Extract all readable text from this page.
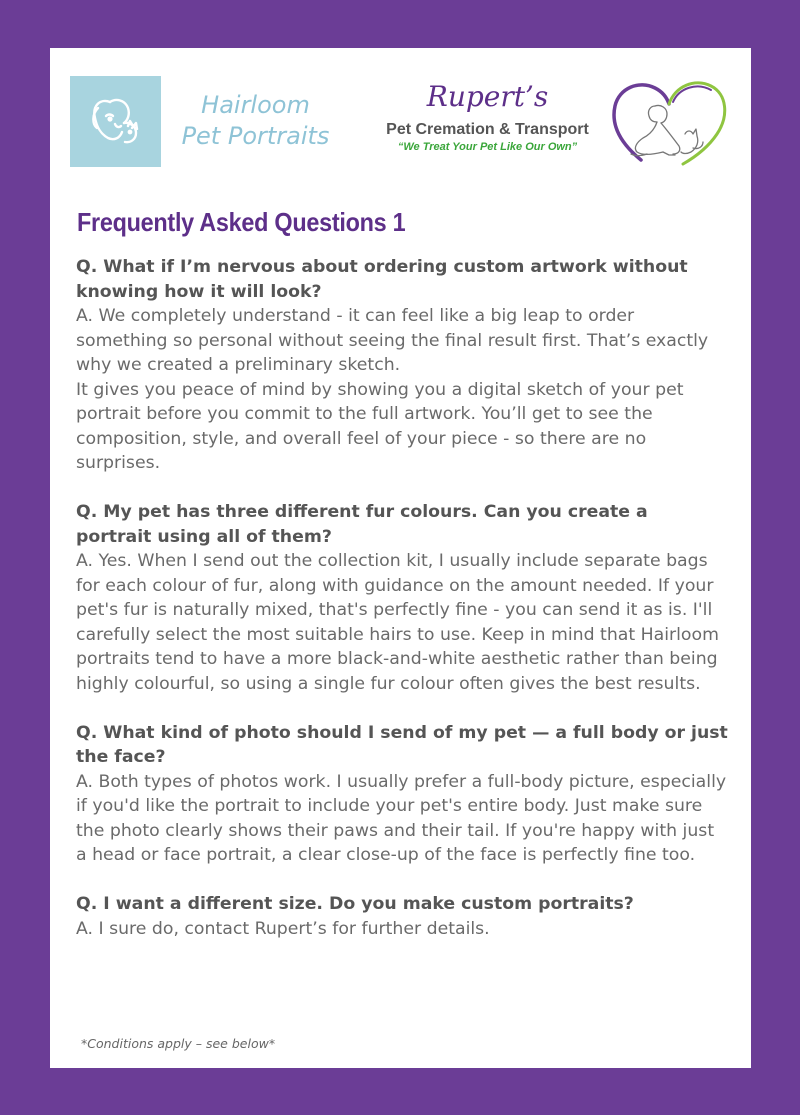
Hairloom
Pet Portraits
Rupert’s
Pet Cremation & Transport
“We Treat Your Pet Like Our Own”
Frequently Asked Questions 1
Q. What if I’m nervous about ordering custom artwork without knowing how it will look?
A. We completely understand - it can feel like a big leap to order something so personal without seeing the final result first. That’s exactly why we created a preliminary sketch.
It gives you peace of mind by showing you a digital sketch of your pet portrait before you commit to the full artwork. You’ll get to see the composition, style, and overall feel of your piece - so there are no surprises.
Q. My pet has three different fur colours. Can you create a portrait using all of them?
A. Yes. When I send out the collection kit, I usually include separate bags for each colour of fur, along with guidance on the amount needed. If your pet's fur is naturally mixed, that's perfectly fine - you can send it as is. I'll carefully select the most suitable hairs to use. Keep in mind that Hairloom portraits tend to have a more black-and-white aesthetic rather than being highly colourful, so using a single fur colour often gives the best results.
Q. What kind of photo should I send of my pet — a full body or just the face?
A. Both types of photos work. I usually prefer a full-body picture, especially if you'd like the portrait to include your pet's entire body. Just make sure the photo clearly shows their paws and their tail. If you're happy with just a head or face portrait, a clear close-up of the face is perfectly fine too.
Q. I want a different size. Do you make custom portraits?
A. I sure do, contact Rupert’s for further details.
*Conditions apply – see below*
